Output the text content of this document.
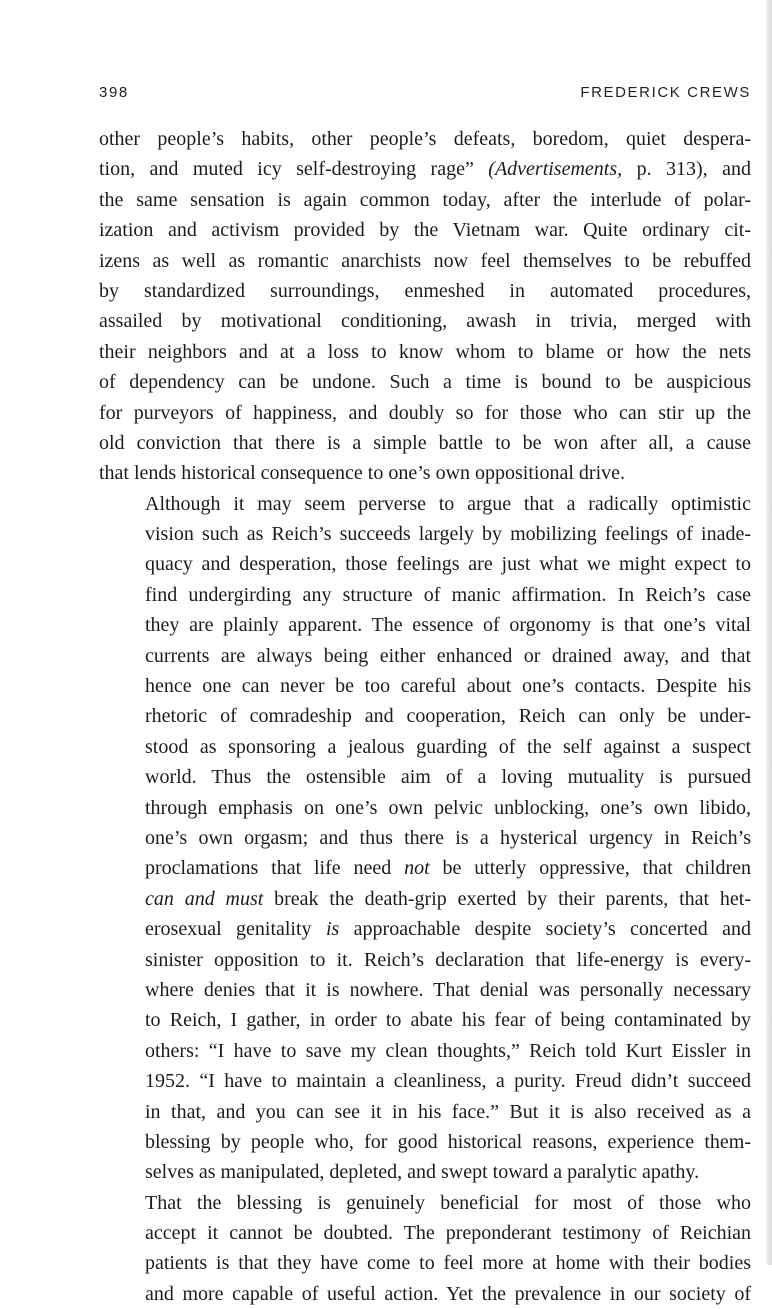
398	FREDERICK CREWS
other people’s habits, other people’s defeats, boredom, quiet despera-
tion, and muted icy self-destroying rage” (Advertisements, p. 313), and
the same sensation is again common today, after the interlude of polar-
ization and activism provided by the Vietnam war. Quite ordinary cit-
izens as well as romantic anarchists now feel themselves to be rebuffed
by standardized surroundings, enmeshed in automated procedures,
assailed by motivational conditioning, awash in trivia, merged with
their neighbors and at a loss to know whom to blame or how the nets
of dependency can be undone. Such a time is bound to be auspicious
for purveyors of happiness, and doubly so for those who can stir up the
old conviction that there is a simple battle to be won after all, a cause
that lends historical consequence to one’s own oppositional drive.
Although it may seem perverse to argue that a radically optimistic
vision such as Reich’s succeeds largely by mobilizing feelings of inade-
quacy and desperation, those feelings are just what we might expect to
find undergirding any structure of manic affirmation. In Reich’s case
they are plainly apparent. The essence of orgonomy is that one’s vital
currents are always being either enhanced or drained away, and that
hence one can never be too careful about one’s contacts. Despite his
rhetoric of comradeship and cooperation, Reich can only be under-
stood as sponsoring a jealous guarding of the self against a suspect
world. Thus the ostensible aim of a loving mutuality is pursued
through emphasis on one’s own pelvic unblocking, one’s own libido,
one’s own orgasm; and thus there is a hysterical urgency in Reich’s
proclamations that life need not be utterly oppressive, that children
can and must break the death-grip exerted by their parents, that het-
erosexual genitality is approachable despite society’s concerted and
sinister opposition to it. Reich’s declaration that life-energy is every-
where denies that it is nowhere. That denial was personally necessary
to Reich, I gather, in order to abate his fear of being contaminated by
others: “I have to save my clean thoughts,” Reich told Kurt Eissler in
1952. “I have to maintain a cleanliness, a purity. Freud didn’t succeed
in that, and you can see it in his face.” But it is also received as a
blessing by people who, for good historical reasons, experience them-
selves as manipulated, depleted, and swept toward a paralytic apathy.
That the blessing is genuinely beneficial for most of those who
accept it cannot be doubted. The preponderant testimony of Reichian
patients is that they have come to feel more at home with their bodies
and more capable of useful action. Yet the prevalence in our society of
